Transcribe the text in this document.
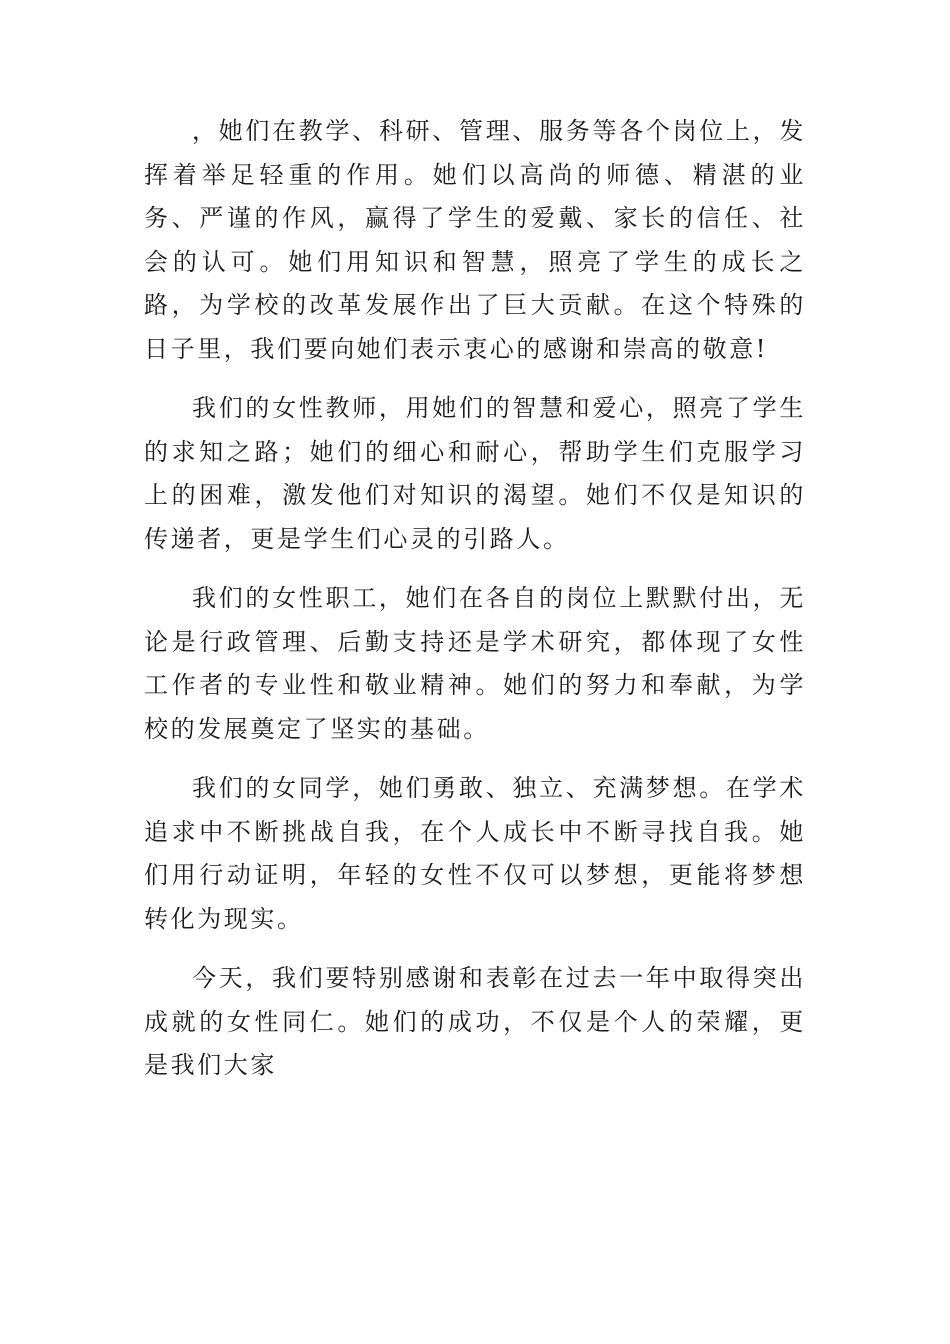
，她们在教学、科研、管理、服务等各个岗位上，发挥着举足轻重的作用。她们以高尚的师德、精湛的业务、严谨的作风，赢得了学生的爱戴、家长的信任、社会的认可。她们用知识和智慧，照亮了学生的成长之路，为学校的改革发展作出了巨大贡献。在这个特殊的日子里，我们要向她们表示衷心的感谢和崇高的敬意!

我们的女性教师，用她们的智慧和爱心，照亮了学生的求知之路；她们的细心和耐心，帮助学生们克服学习上的困难，激发他们对知识的渴望。她们不仅是知识的传递者，更是学生们心灵的引路人。

我们的女性职工，她们在各自的岗位上默默付出，无论是行政管理、后勤支持还是学术研究，都体现了女性工作者的专业性和敬业精神。她们的努力和奉献，为学校的发展奠定了坚实的基础。

我们的女同学，她们勇敢、独立、充满梦想。在学术追求中不断挑战自我，在个人成长中不断寻找自我。她们用行动证明，年轻的女性不仅可以梦想，更能将梦想转化为现实。

今天，我们要特别感谢和表彰在过去一年中取得突出成就的女性同仁。她们的成功，不仅是个人的荣耀，更是我们大家
